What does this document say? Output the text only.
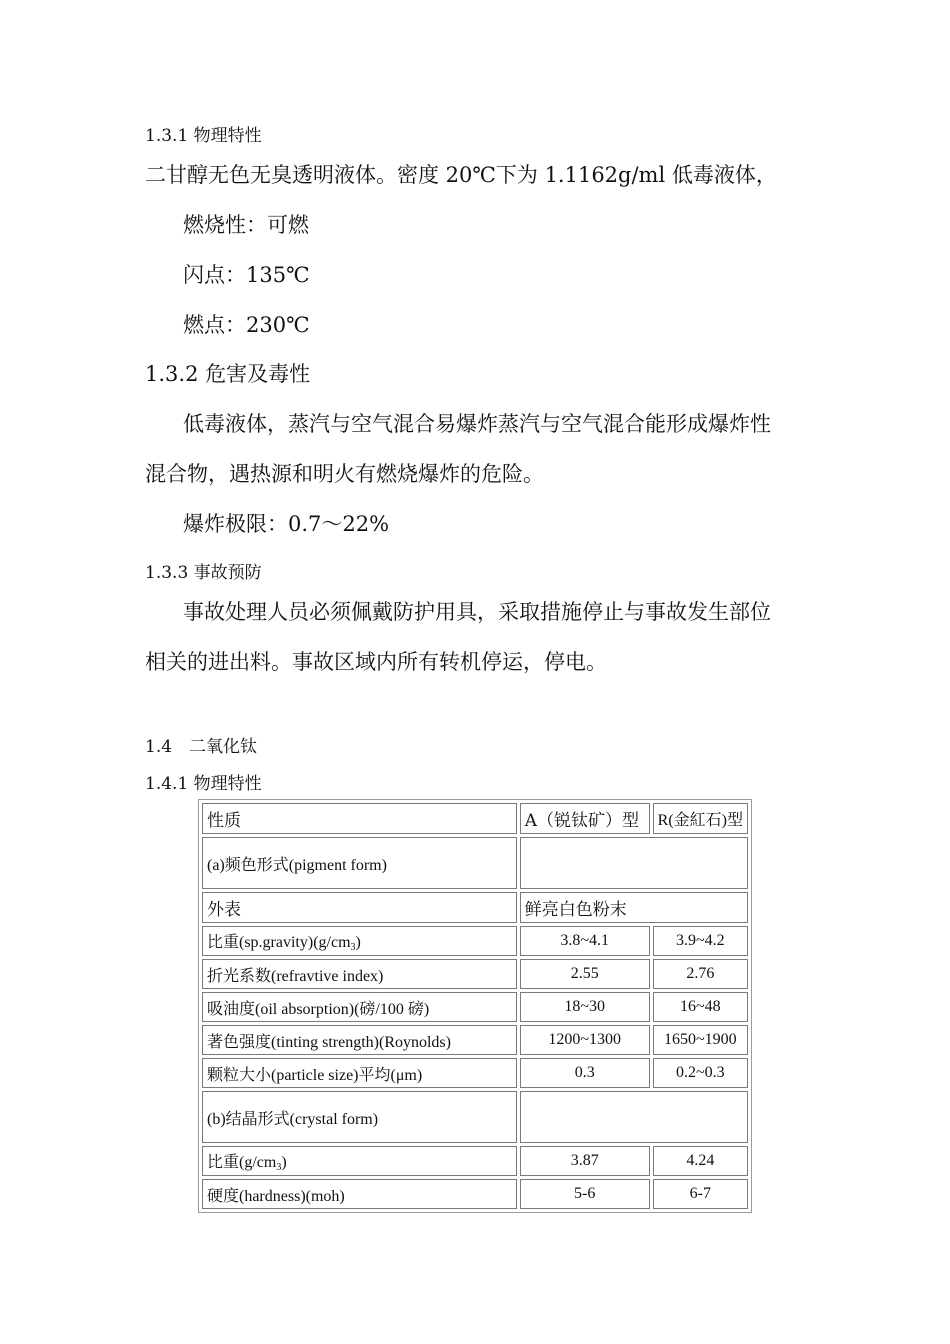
1.3.1 物理特性
二甘醇无色无臭透明液体。密度 20℃下为 1.1162g/ml 低毒液体，
燃烧性：可燃
闪点：135℃
燃点：230℃
1.3.2 危害及毒性
低毒液体，蒸汽与空气混合易爆炸蒸汽与空气混合能形成爆炸性
混合物，遇热源和明火有燃烧爆炸的危险。
爆炸极限：0.7～22%
1.3.3 事故预防
事故处理人员必须佩戴防护用具，采取措施停止与事故发生部位
相关的进出料。事故区域内所有转机停运，停电。
1.4　二氧化钛
1.4.1 物理特性
性质	A（锐钛矿）型	R(金紅石)型
(a)频色形式(pigment form)		
外表	鲜亮白色粉末	
比重$(sp.gravity)(g/cm^3)$	3.8~4.1	3.9~4.2
折光系数(refravtive index)	2.55	2.76
吸油度(oil absorption)(磅/100 磅)	18~30	16~48
著色强度(tinting strength)(Roynolds)	1200~1300	1650~1900
颗粒大小(particle size)平均(μm)	0.3	0.2~0.3
(b)结晶形式(crystal form)		
比重$(g/cm^3)$	3.87	4.24
硬度(hardness)(moh)	5-6	6-7
